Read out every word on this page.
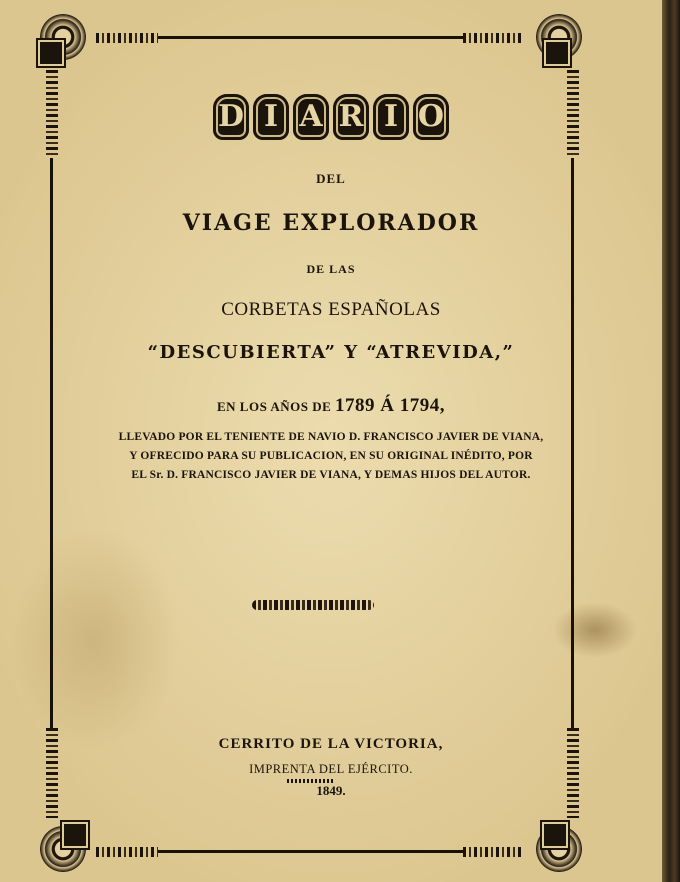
D I A R I O
DEL
VIAGE EXPLORADOR
DE LAS
CORBETAS ESPAÑOLAS
“DESCUBIERTA” Y “ATREVIDA,”
EN LOS AÑOS DE 1789 Á 1794,
LLEVADO POR EL TENIENTE DE NAVIO D. FRANCISCO JAVIER DE VIANA,
Y OFRECIDO PARA SU PUBLICACION, EN SU ORIGINAL INÉDITO, POR
EL Sr. D. FRANCISCO JAVIER DE VIANA, Y DEMAS HIJOS DEL AUTOR.
CERRITO DE LA VICTORIA,
IMPRENTA DEL EJÉRCITO.
1849.
